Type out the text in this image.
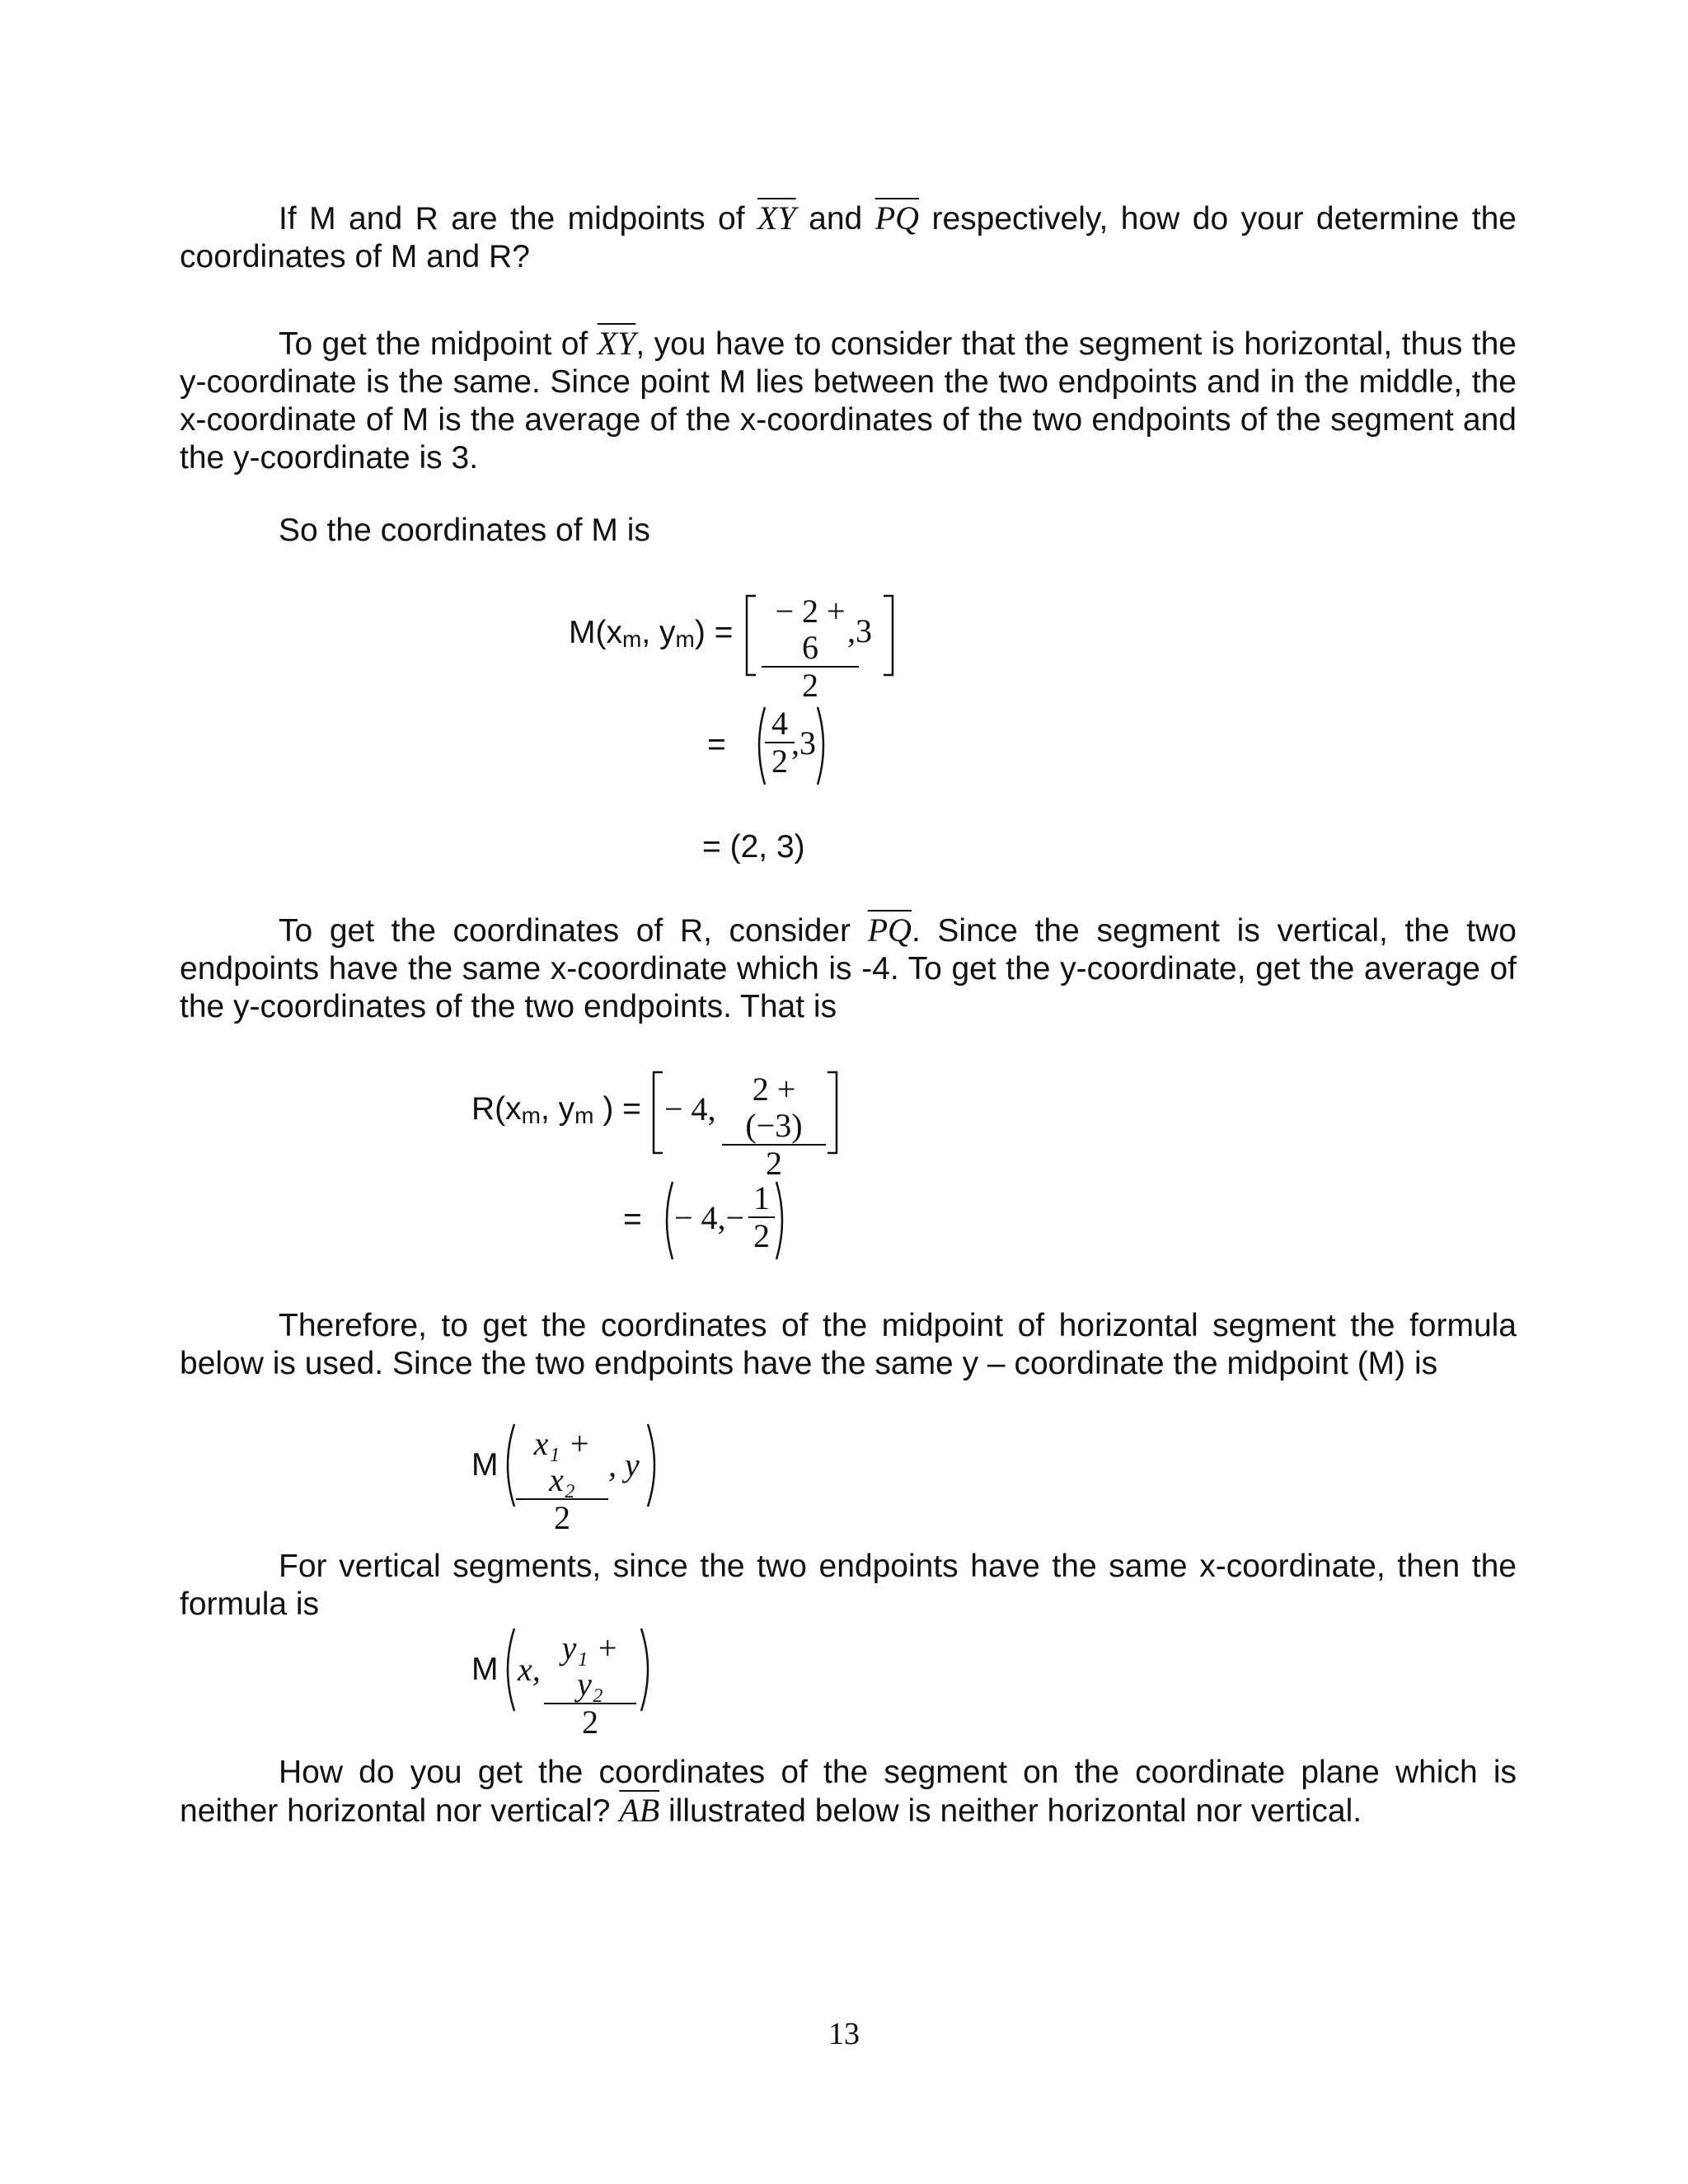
If M and R are the midpoints of $\overline{XY}$ and $\overline{PQ}$ respectively, how do your determine the coordinates of M and R?
To get the midpoint of $\overline{XY}$, you have to consider that the segment is horizontal, thus the y-coordinate is the same. Since point M lies between the two endpoints and in the middle, the x-coordinate of M is the average of the x-coordinates of the two endpoints of the segment and the y-coordinate is 3.
So the coordinates of M is
$M(x_m$, $y_m$) =
− 2 + 6
2
,3
=
4
2 ,3
= (2, 3)
To get the coordinates of R, consider $\overline{PQ}$. Since the segment is vertical, the two endpoints have the same x-coordinate which is -4. To get the y-coordinate, get the average of the y-coordinates of the two endpoints. That is
$R(x_m$, $y_m$ ) = − 4,
2 + (−3)
2
= − 4,−
1
2
Therefore, to get the coordinates of the midpoint of horizontal segment the formula below is used. Since the two endpoints have the same y – coordinate the midpoint (M) is
M
x₁ + x₂
2
, y
For vertical segments, since the two endpoints have the same x-coordinate, then the formula is
M x,
y₁ + y₂
2
How do you get the coordinates of the segment on the coordinate plane which is neither horizontal nor vertical? $\overline{AB}$ illustrated below is neither horizontal nor vertical.
13
